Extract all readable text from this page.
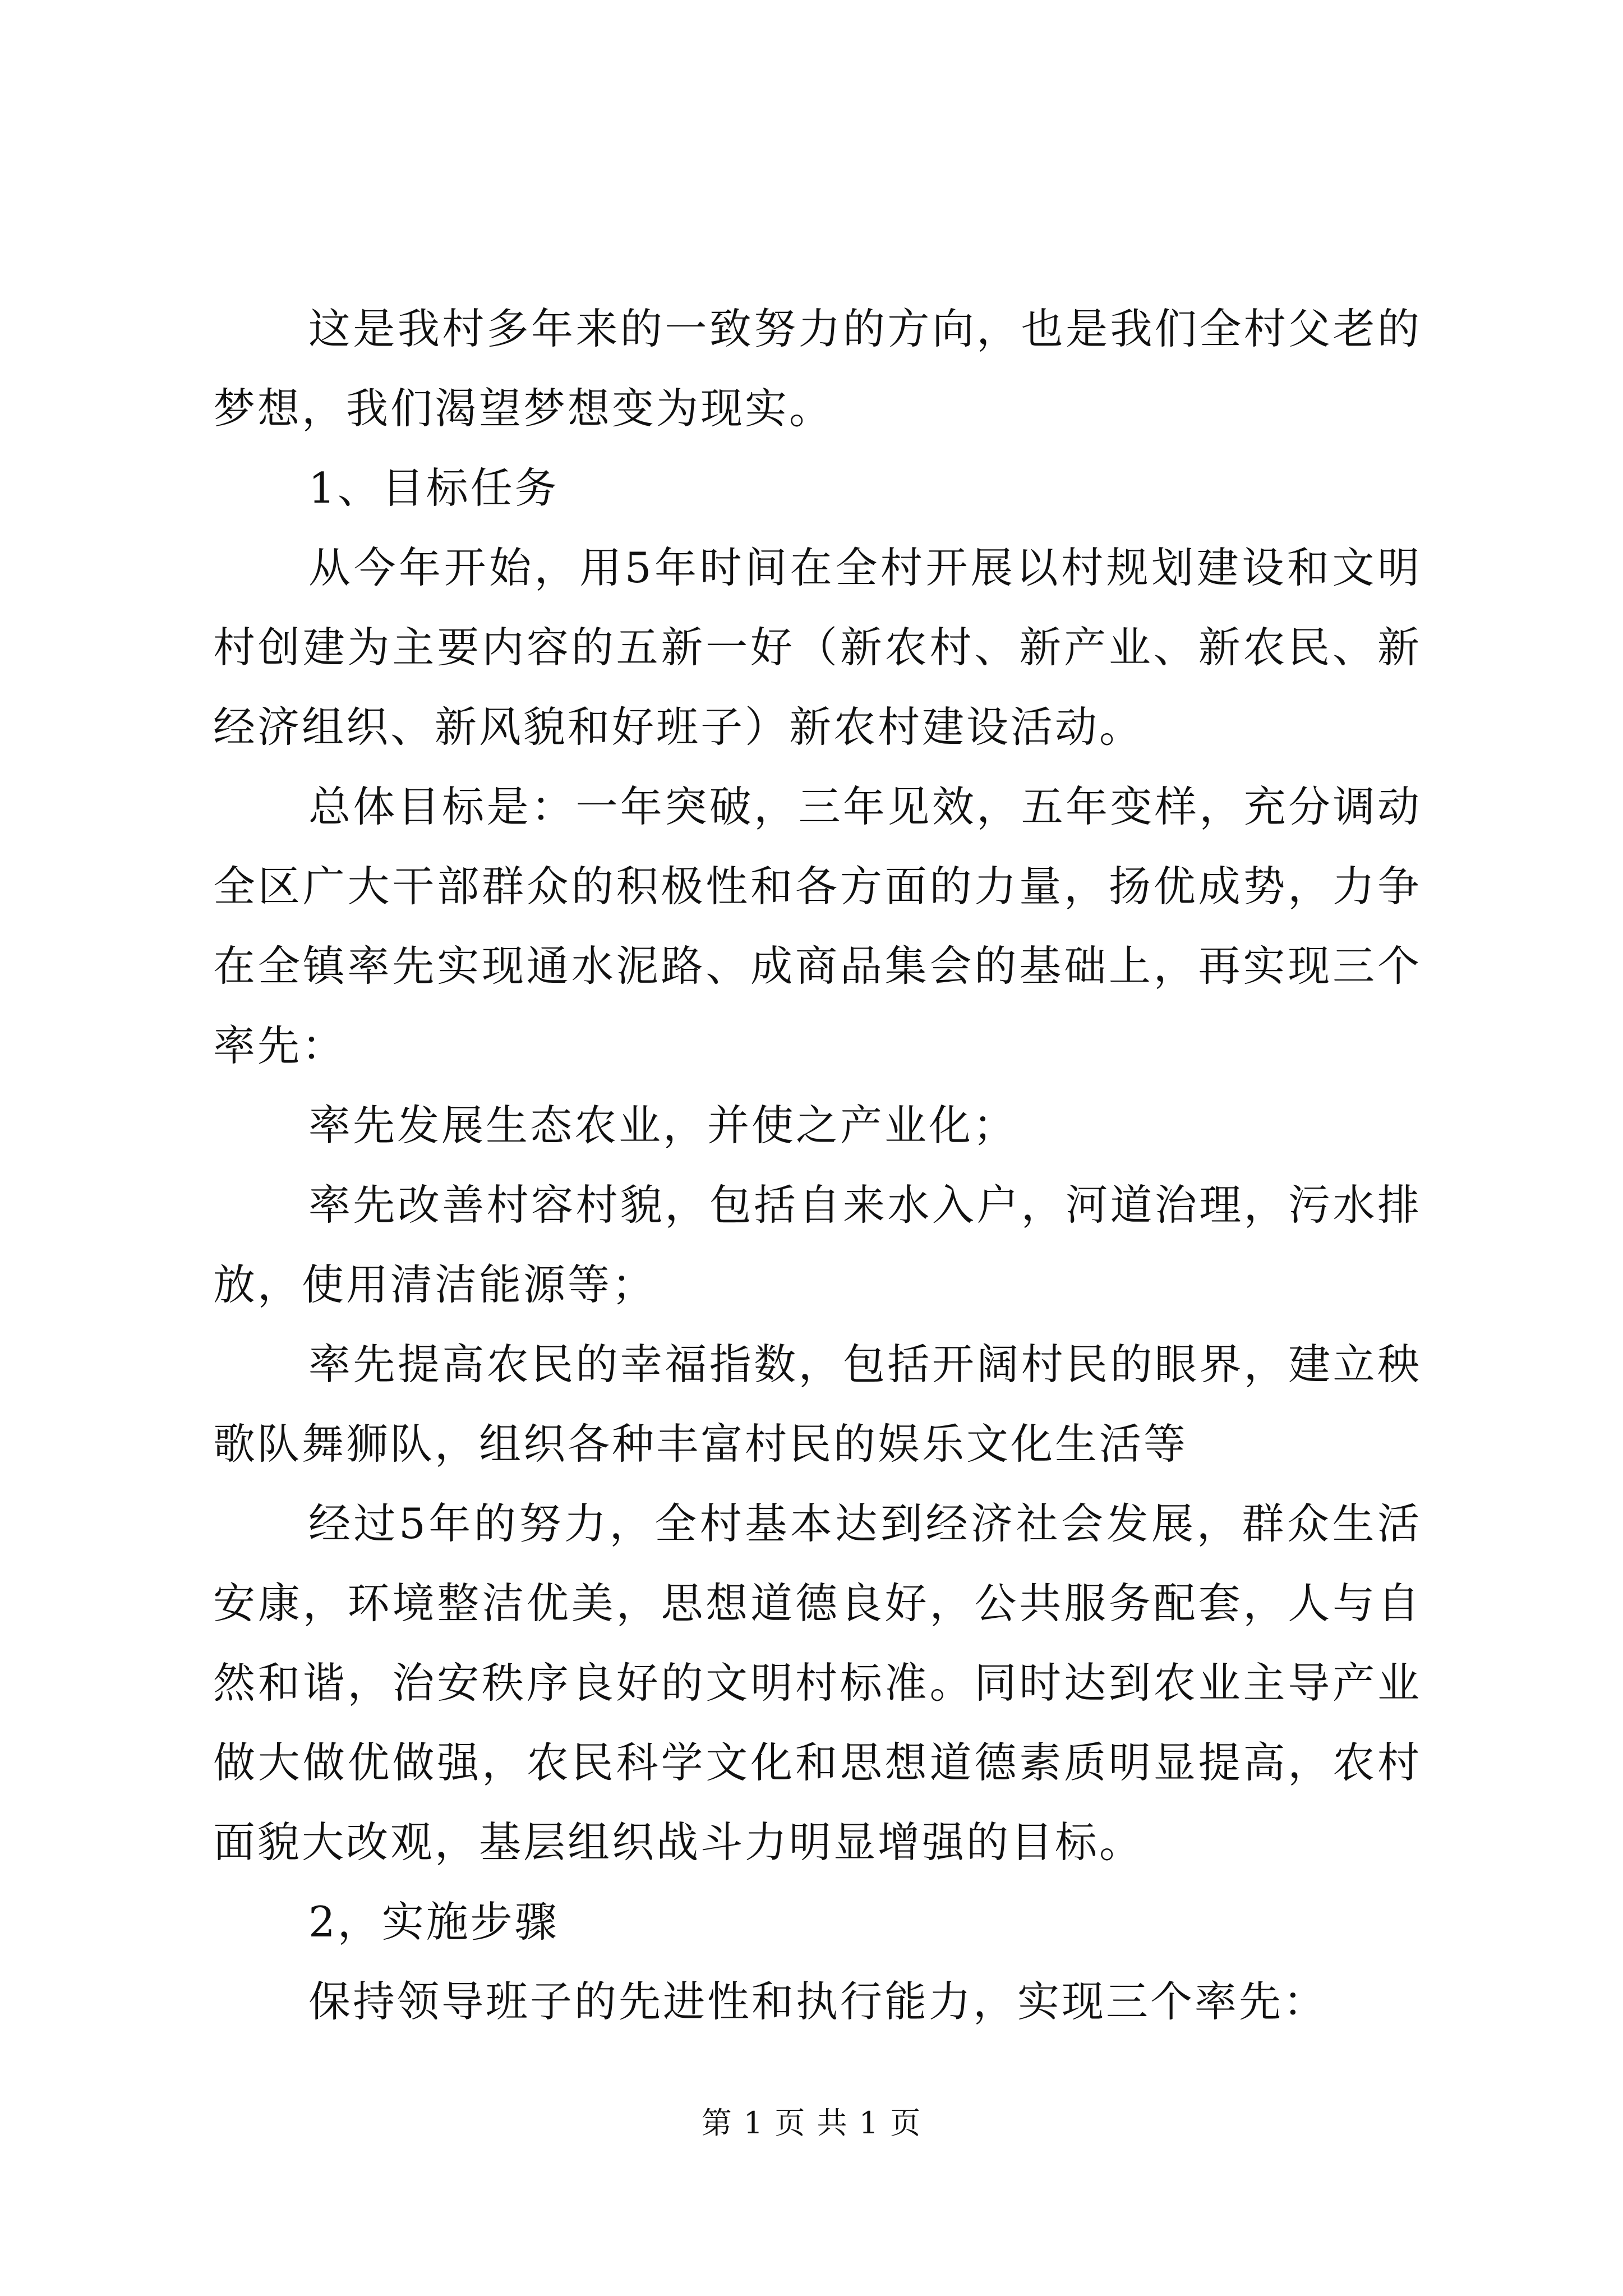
这是我村多年来的一致努力的方向，也是我们全村父老的梦想，我们渴望梦想变为现实。

1、目标任务

从今年开始，用5年时间在全村开展以村规划建设和文明村创建为主要内容的五新一好（新农村、新产业、新农民、新经济组织、新风貌和好班子）新农村建设活动。

总体目标是：一年突破，三年见效，五年变样，充分调动全区广大干部群众的积极性和各方面的力量，扬优成势，力争在全镇率先实现通水泥路、成商品集会的基础上，再实现三个率先：

率先发展生态农业，并使之产业化；

率先改善村容村貌，包括自来水入户，河道治理，污水排放，使用清洁能源等；

率先提高农民的幸福指数，包括开阔村民的眼界，建立秧歌队舞狮队，组织各种丰富村民的娱乐文化生活等

经过5年的努力，全村基本达到经济社会发展，群众生活安康，环境整洁优美，思想道德良好，公共服务配套，人与自然和谐，治安秩序良好的文明村标准。同时达到农业主导产业做大做优做强，农民科学文化和思想道德素质明显提高，农村面貌大改观，基层组织战斗力明显增强的目标。

2，实施步骤

保持领导班子的先进性和执行能力，实现三个率先：

第 1 页 共 1 页
